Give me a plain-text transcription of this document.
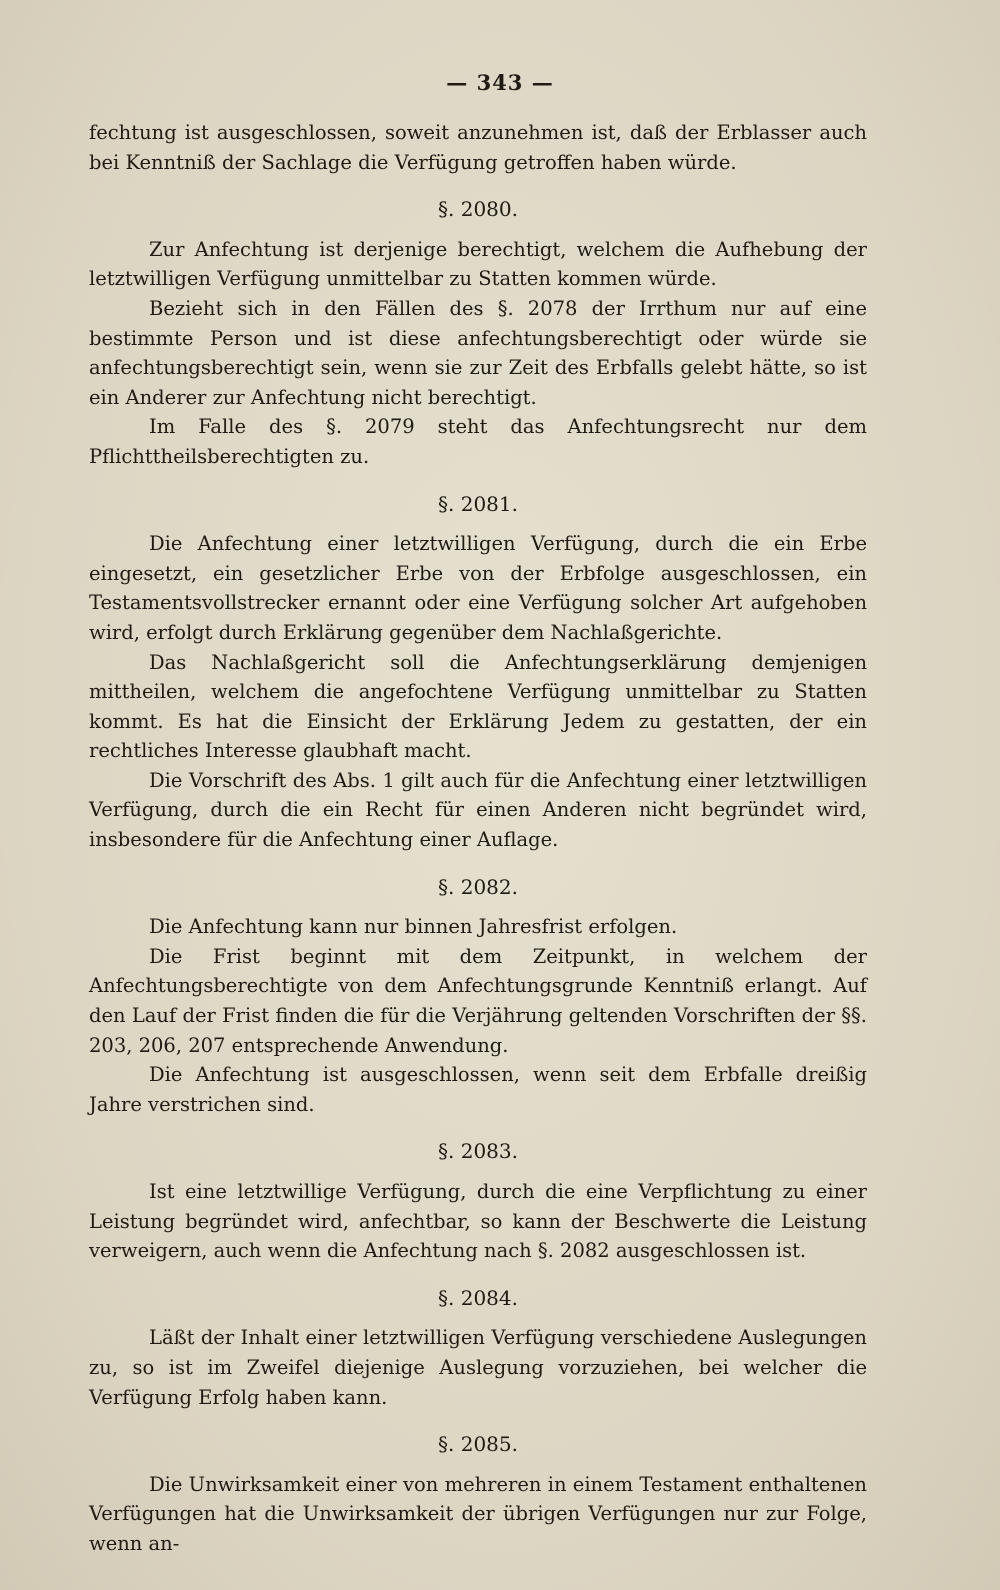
— 343 —

fechtung ist ausgeschlossen, soweit anzunehmen ist, daß der Erblasser auch bei Kenntniß der Sachlage die Verfügung getroffen haben würde.

§. 2080.

Zur Anfechtung ist derjenige berechtigt, welchem die Aufhebung der letztwilligen Verfügung unmittelbar zu Statten kommen würde.

Bezieht sich in den Fällen des §. 2078 der Irrthum nur auf eine bestimmte Person und ist diese anfechtungsberechtigt oder würde sie anfechtungsberechtigt sein, wenn sie zur Zeit des Erbfalls gelebt hätte, so ist ein Anderer zur Anfechtung nicht berechtigt.

Im Falle des §. 2079 steht das Anfechtungsrecht nur dem Pflichttheilsberechtigten zu.

§. 2081.

Die Anfechtung einer letztwilligen Verfügung, durch die ein Erbe eingesetzt, ein gesetzlicher Erbe von der Erbfolge ausgeschlossen, ein Testamentsvollstrecker ernannt oder eine Verfügung solcher Art aufgehoben wird, erfolgt durch Erklärung gegenüber dem Nachlaßgerichte.

Das Nachlaßgericht soll die Anfechtungserklärung demjenigen mittheilen, welchem die angefochtene Verfügung unmittelbar zu Statten kommt. Es hat die Einsicht der Erklärung Jedem zu gestatten, der ein rechtliches Interesse glaubhaft macht.

Die Vorschrift des Abs. 1 gilt auch für die Anfechtung einer letztwilligen Verfügung, durch die ein Recht für einen Anderen nicht begründet wird, insbesondere für die Anfechtung einer Auflage.

§. 2082.

Die Anfechtung kann nur binnen Jahresfrist erfolgen.

Die Frist beginnt mit dem Zeitpunkt, in welchem der Anfechtungsberechtigte von dem Anfechtungsgrunde Kenntniß erlangt. Auf den Lauf der Frist finden die für die Verjährung geltenden Vorschriften der §§. 203, 206, 207 entsprechende Anwendung.

Die Anfechtung ist ausgeschlossen, wenn seit dem Erbfalle dreißig Jahre verstrichen sind.

§. 2083.

Ist eine letztwillige Verfügung, durch die eine Verpflichtung zu einer Leistung begründet wird, anfechtbar, so kann der Beschwerte die Leistung verweigern, auch wenn die Anfechtung nach §. 2082 ausgeschlossen ist.

§. 2084.

Läßt der Inhalt einer letztwilligen Verfügung verschiedene Auslegungen zu, so ist im Zweifel diejenige Auslegung vorzuziehen, bei welcher die Verfügung Erfolg haben kann.

§. 2085.

Die Unwirksamkeit einer von mehreren in einem Testament enthaltenen Verfügungen hat die Unwirksamkeit der übrigen Verfügungen nur zur Folge, wenn an-
